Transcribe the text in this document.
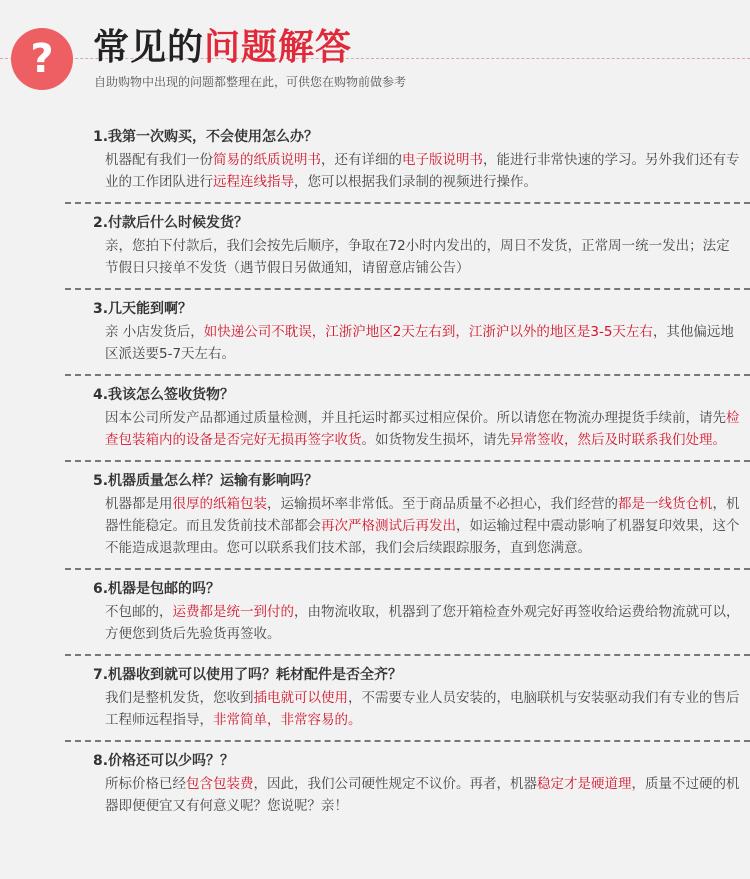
?	常见的问题解答
自助购物中出现的问题都整理在此，可供您在购物前做参考
1.我第一次购买，不会使用怎么办？
机器配有我们一份简易的纸质说明书，还有详细的电子版说明书，能进行非常快速的学习。另外我们还有专业的工作团队进行远程连线指导，您可以根据我们录制的视频进行操作。
2.付款后什么时候发货？
亲，您拍下付款后，我们会按先后顺序，争取在72小时内发出的，周日不发货，正常周一统一发出；法定节假日只接单不发货（遇节假日另做通知，请留意店铺公告）
3.几天能到啊？
亲 小店发货后，如快递公司不耽误，江浙沪地区2天左右到，江浙沪以外的地区是3-5天左右，其他偏远地区派送要5-7天左右。
4.我该怎么签收货物？
因本公司所发产品都通过质量检测，并且托运时都买过相应保价。所以请您在物流办理提货手续前，请先检查包装箱内的设备是否完好无损再签字收货。如货物发生损坏，请先异常签收，然后及时联系我们处理。
5.机器质量怎么样？运输有影响吗？
机器都是用很厚的纸箱包装，运输损坏率非常低。至于商品质量不必担心，我们经营的都是一线货仓机，机器性能稳定。而且发货前技术部都会再次严格测试后再发出，如运输过程中震动影响了机器复印效果，这个不能造成退款理由。您可以联系我们技术部，我们会后续跟踪服务，直到您满意。
6.机器是包邮的吗？
不包邮的，运费都是统一到付的，由物流收取，机器到了您开箱检查外观完好再签收给运费给物流就可以，方便您到货后先验货再签收。
7.机器收到就可以使用了吗？耗材配件是否全齐？
我们是整机发货，您收到插电就可以使用，不需要专业人员安装的，电脑联机与安装驱动我们有专业的售后工程师远程指导，非常简单，非常容易的。
8.价格还可以少吗？？
所标价格已经包含包装费，因此，我们公司硬性规定不议价。再者，机器稳定才是硬道理，质量不过硬的机器即便便宜又有何意义呢？您说呢？亲！
